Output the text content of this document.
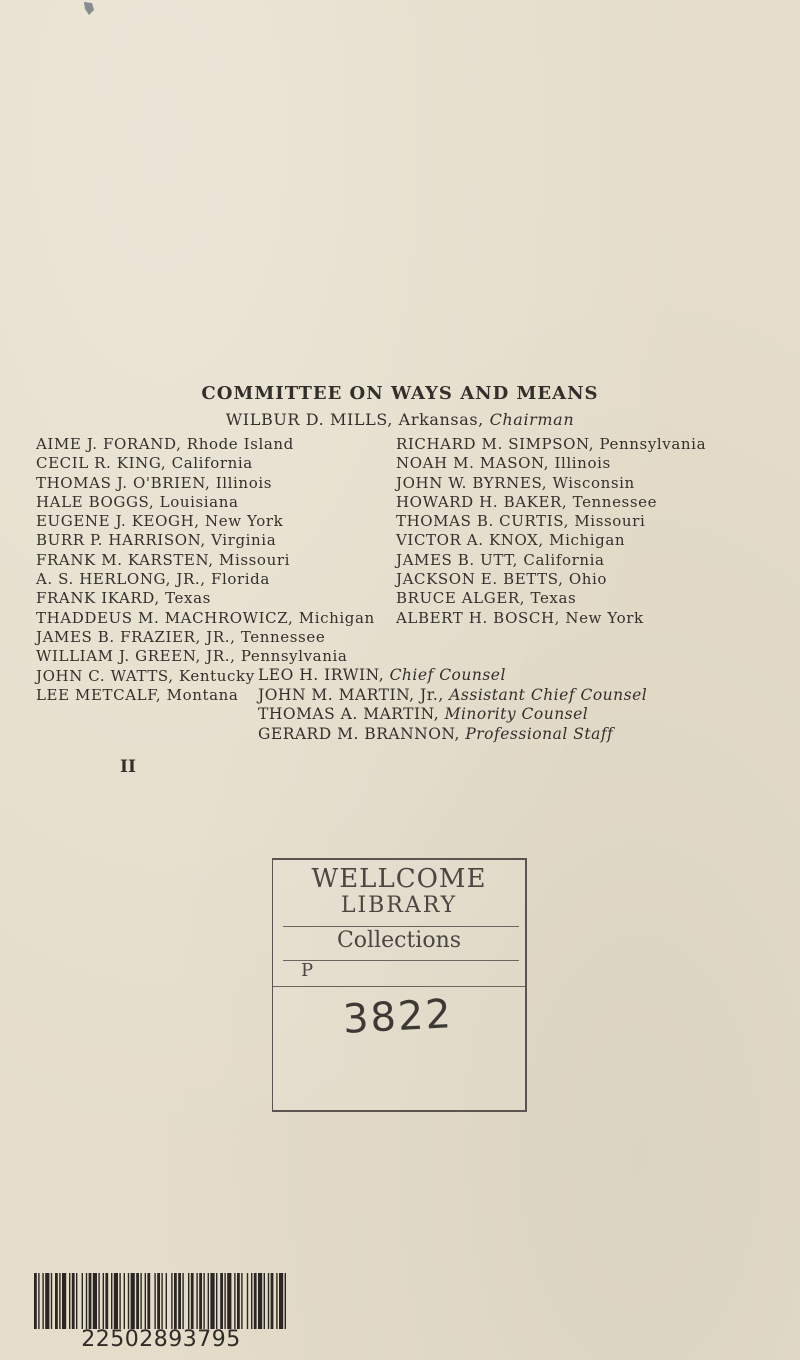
COMMITTEE ON WAYS AND MEANS
WILBUR D. MILLS, Arkansas, Chairman
AIME J. FORAND, Rhode Island
CECIL R. KING, California
THOMAS J. O'BRIEN, Illinois
HALE BOGGS, Louisiana
EUGENE J. KEOGH, New York
BURR P. HARRISON, Virginia
FRANK M. KARSTEN, Missouri
A. S. HERLONG, JR., Florida
FRANK IKARD, Texas
THADDEUS M. MACHROWICZ, Michigan
JAMES B. FRAZIER, JR., Tennessee
WILLIAM J. GREEN, JR., Pennsylvania
JOHN C. WATTS, Kentucky
LEE METCALF, Montana
RICHARD M. SIMPSON, Pennsylvania
NOAH M. MASON, Illinois
JOHN W. BYRNES, Wisconsin
HOWARD H. BAKER, Tennessee
THOMAS B. CURTIS, Missouri
VICTOR A. KNOX, Michigan
JAMES B. UTT, California
JACKSON E. BETTS, Ohio
BRUCE ALGER, Texas
ALBERT H. BOSCH, New York
LEO H. IRWIN, Chief Counsel
JOHN M. MARTIN, Jr., Assistant Chief Counsel
THOMAS A. MARTIN, Minority Counsel
GERARD M. BRANNON, Professional Staff
II
WELLCOME
LIBRARY
Collections
P
3822
22502893795
